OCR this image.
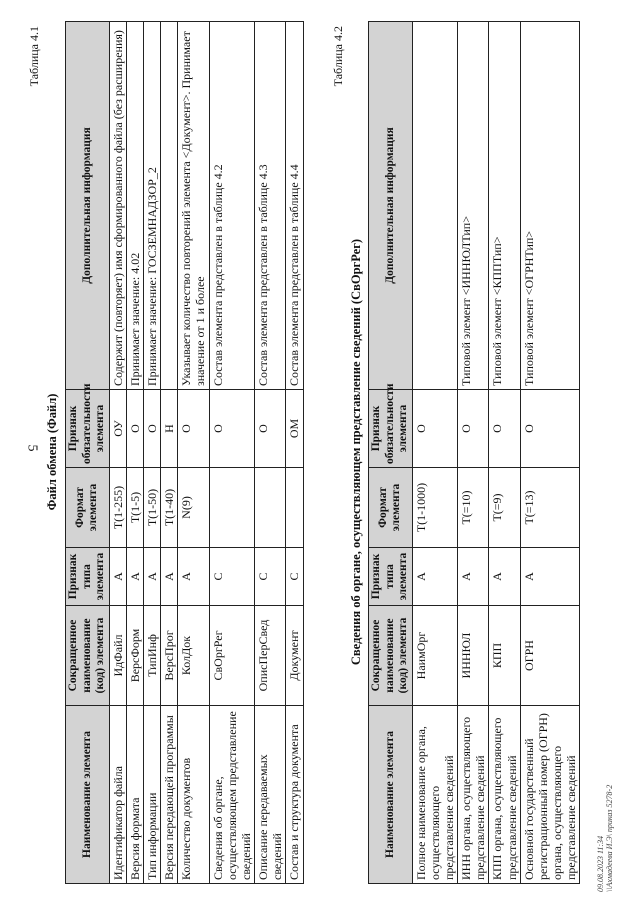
5
Таблица 4.1
Файл обмена (Файл)
Наименование элемента	Сокращенное наименование (код) элемента	Признак типа элемента	Формат элемента	Признак обязательности элемента	Дополнительная информация
Идентификатор файла	ИдФайл	А	T(1-255)	ОУ	Содержит (повторяет) имя сформированного файла (без расширения)
Версия формата	ВерсФорм	А	T(1-5)	О	Принимает значение: 4.02
Тип информации	ТипИнф	А	T(1-50)	О	Принимает значение: ГОСЗЕМНАДЗОР_2
Версия передающей программы	ВерсПрог	А	T(1-40)	Н	
Количество документов	КолДок	А	N(9)	О	Указывает количество повторений элемента <Документ>. Принимает значение от 1 и более
Сведения об органе, осуществляющем представление сведений	СвОргРег	С		О	Состав элемента представлен в таблице 4.2
Описание передаваемых сведений	ОписПерСвед	С		О	Состав элемента представлен в таблице 4.3
Состав и структура документа	Документ	С		ОМ	Состав элемента представлен в таблице 4.4
Таблица 4.2
Сведения об органе, осуществляющем представление сведений (СвОргРег)
Наименование элемента	Сокращенное наименование (код) элемента	Признак типа элемента	Формат элемента	Признак обязательности элемента	Дополнительная информация
Полное наименование органа, осуществляющего представление сведений	НаимОрг	А	T(1-1000)	О	
ИНН органа, осуществляющего представление сведений	ИННЮЛ	А	T(=10)	О	Типовой элемент <ИННЮЛТип>
КПП органа, осуществляющего представление сведений	КПП	А	T(=9)	О	Типовой элемент <КППТип>
Основной государственный регистрационный номер (ОГРН) органа, осуществляющего представление сведений	ОГРН	А	T(=13)	О	Типовой элемент <ОГРНТип>
09.08.2023 11:34 \\Ахмадеева И.Э\ приказ 5278-2
